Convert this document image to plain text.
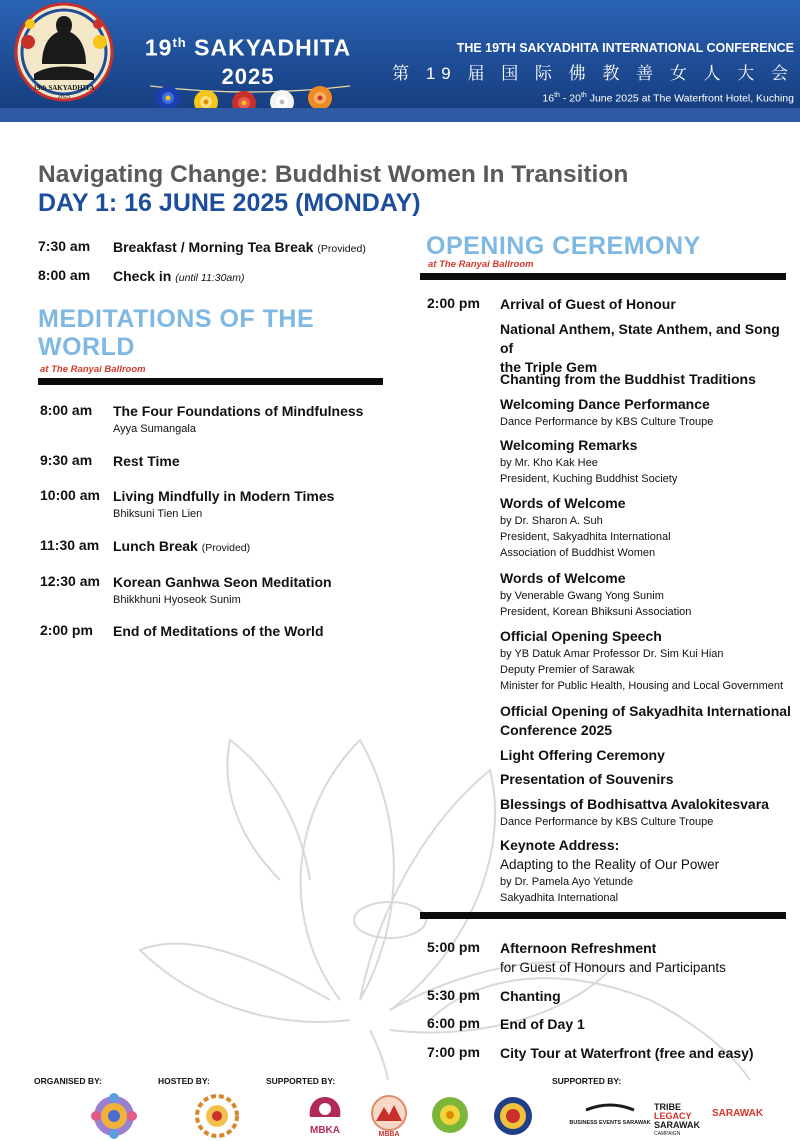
19th SAKYADHITA
2025
19th SAKYADHITA
2025
THE 19TH SAKYADHITA INTERNATIONAL CONFERENCE
第 19 届 国 际 佛 教 善 女 人 大 会
16th - 20th June 2025 at The Waterfront Hotel, Kuching
Navigating Change: Buddhist Women In Transition
DAY 1: 16 JUNE 2025 (MONDAY)
7:30 am	Breakfast / Morning Tea Break (Provided)
8:00 am	Check in (until 11:30am)
MEDITATIONS OF THE
WORLD
at The Ranyai Ballroom
8:00 am	The Four Foundations of Mindfulness
Ayya Sumangala
9:30 am	Rest Time
10:00 am Living Mindfully in Modern Times
Bhiksuni Tien Lien
11:30 am Lunch Break (Provided)
12:30 am Korean Ganhwa Seon Meditation
Bhikkhuni Hyoseok Sunim
2:00 pm	End of Meditations of the World
OPENING CEREMONY
at The Ranyai Ballroom
2:00 pm Arrival of Guest of Honour
National Anthem, State Anthem, and Song of
the Triple Gem
Chanting from the Buddhist Traditions
Welcoming Dance Performance
Dance Performance by KBS Culture Troupe
Welcoming Remarks
by Mr. Kho Kak Hee
President, Kuching Buddhist Society
Words of Welcome
by Dr. Sharon A. Suh
President, Sakyadhita International
Association of Buddhist Women
Words of Welcome
by Venerable Gwang Yong Sunim
President, Korean Bhiksuni Association
Official Opening Speech
by YB Datuk Amar Professor Dr. Sim Kui Hian
Deputy Premier of Sarawak
Minister for Public Health, Housing and Local Government
Official Opening of Sakyadhita International
Conference 2025
Light Offering Ceremony
Presentation of Souvenirs
Blessings of Bodhisattva Avalokitesvara
Dance Performance by KBS Culture Troupe
Keynote Address:
Adapting to the Reality of Our Power
by Dr. Pamela Ayo Yetunde
Sakyadhita International
5:00 pm	Afternoon Refreshment
for Guest of Honours and Participants
5:30 pm	Chanting
6:00 pm	End of Day 1
7:00 pm	City Tour at Waterfront (free and easy)
ORGANISED BY:	HOSTED BY:	SUPPORTED BY:	SUPPORTED BY:
MBKA	MBBA
BUSINESS EVENTS SARAWAK
TRIBE
LEGACY
SARAWAK
CAMPAIGN
SARAWAK
